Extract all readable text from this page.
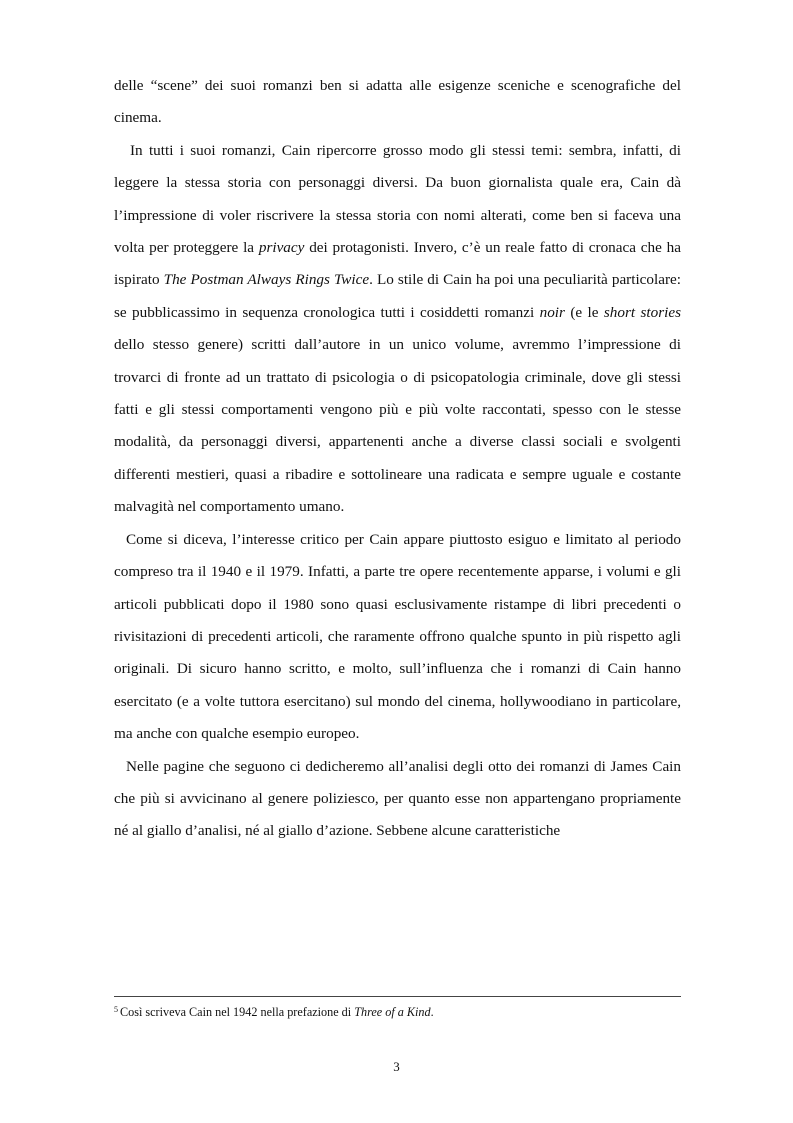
delle “scene” dei suoi romanzi ben si adatta alle esigenze sceniche e scenografiche del cinema.

In tutti i suoi romanzi, Cain ripercorre grosso modo gli stessi temi: sembra, infatti, di leggere la stessa storia con personaggi diversi. Da buon giornalista quale era, Cain dà l’impressione di voler riscrivere la stessa storia con nomi alterati, come ben si faceva una volta per proteggere la privacy dei protagonisti. Invero, c’è un reale fatto di cronaca che ha ispirato The Postman Always Rings Twice. Lo stile di Cain ha poi una peculiarità particolare: se pubblicassimo in sequenza cronologica tutti i cosiddetti romanzi noir (e le short stories dello stesso genere) scritti dall’autore in un unico volume, avremmo l’impressione di trovarci di fronte ad un trattato di psicologia o di psicopatologia criminale, dove gli stessi fatti e gli stessi comportamenti vengono più e più volte raccontati, spesso con le stesse modalità, da personaggi diversi, appartenenti anche a diverse classi sociali e svolgenti differenti mestieri, quasi a ribadire e sottolineare una radicata e sempre uguale e costante malvagità nel comportamento umano.

Come si diceva, l’interesse critico per Cain appare piuttosto esiguo e limitato al periodo compreso tra il 1940 e il 1979. Infatti, a parte tre opere recentemente apparse, i volumi e gli articoli pubblicati dopo il 1980 sono quasi esclusivamente ristampe di libri precedenti o rivisitazioni di precedenti articoli, che raramente offrono qualche spunto in più rispetto agli originali. Di sicuro hanno scritto, e molto, sull’influenza che i romanzi di Cain hanno esercitato (e a volte tuttora esercitano) sul mondo del cinema, hollywoodiano in particolare, ma anche con qualche esempio europeo.

Nelle pagine che seguono ci dedicheremo all’analisi degli otto dei romanzi di James Cain che più si avvicinano al genere poliziesco, per quanto esse non appartengano propriamente né al giallo d’analisi, né al giallo d’azione. Sebbene alcune caratteristiche

$^5$ Così scriveva Cain nel 1942 nella prefazione di Three of a Kind.
3
